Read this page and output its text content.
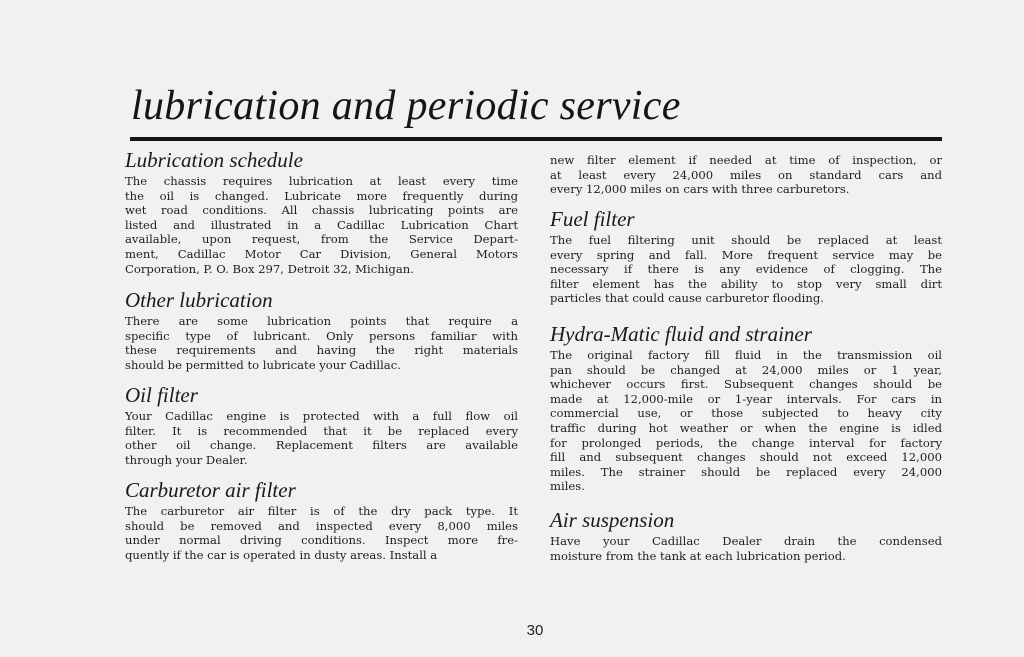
lubrication and periodic service
Lubrication schedule
The chassis requires lubrication at least every time
the oil is changed. Lubricate more frequently during
wet road conditions. All chassis lubricating points are
listed and illustrated in a Cadillac Lubrication Chart
available, upon request, from the Service Depart-
ment, Cadillac Motor Car Division, General Motors
Corporation, P. O. Box 297, Detroit 32, Michigan.
Other lubrication
There are some lubrication points that require a
specific type of lubricant. Only persons familiar with
these requirements and having the right materials
should be permitted to lubricate your Cadillac.
Oil filter
Your Cadillac engine is protected with a full flow oil
filter. It is recommended that it be replaced every
other oil change. Replacement filters are available
through your Dealer.
Carburetor air filter
The carburetor air filter is of the dry pack type. It
should be removed and inspected every 8,000 miles
under normal driving conditions. Inspect more fre-
quently if the car is operated in dusty areas. Install a
new filter element if needed at time of inspection, or
at least every 24,000 miles on standard cars and
every 12,000 miles on cars with three carburetors.
Fuel filter
The fuel filtering unit should be replaced at least
every spring and fall. More frequent service may be
necessary if there is any evidence of clogging. The
filter element has the ability to stop very small dirt
particles that could cause carburetor flooding.
Hydra-Matic fluid and strainer
The original factory fill fluid in the transmission oil
pan should be changed at 24,000 miles or 1 year,
whichever occurs first. Subsequent changes should be
made at 12,000-mile or 1-year intervals. For cars in
commercial use, or those subjected to heavy city
traffic during hot weather or when the engine is idled
for prolonged periods, the change interval for factory
fill and subsequent changes should not exceed 12,000
miles. The strainer should be replaced every 24,000
miles.
Air suspension
Have your Cadillac Dealer drain the condensed
moisture from the tank at each lubrication period.
30
